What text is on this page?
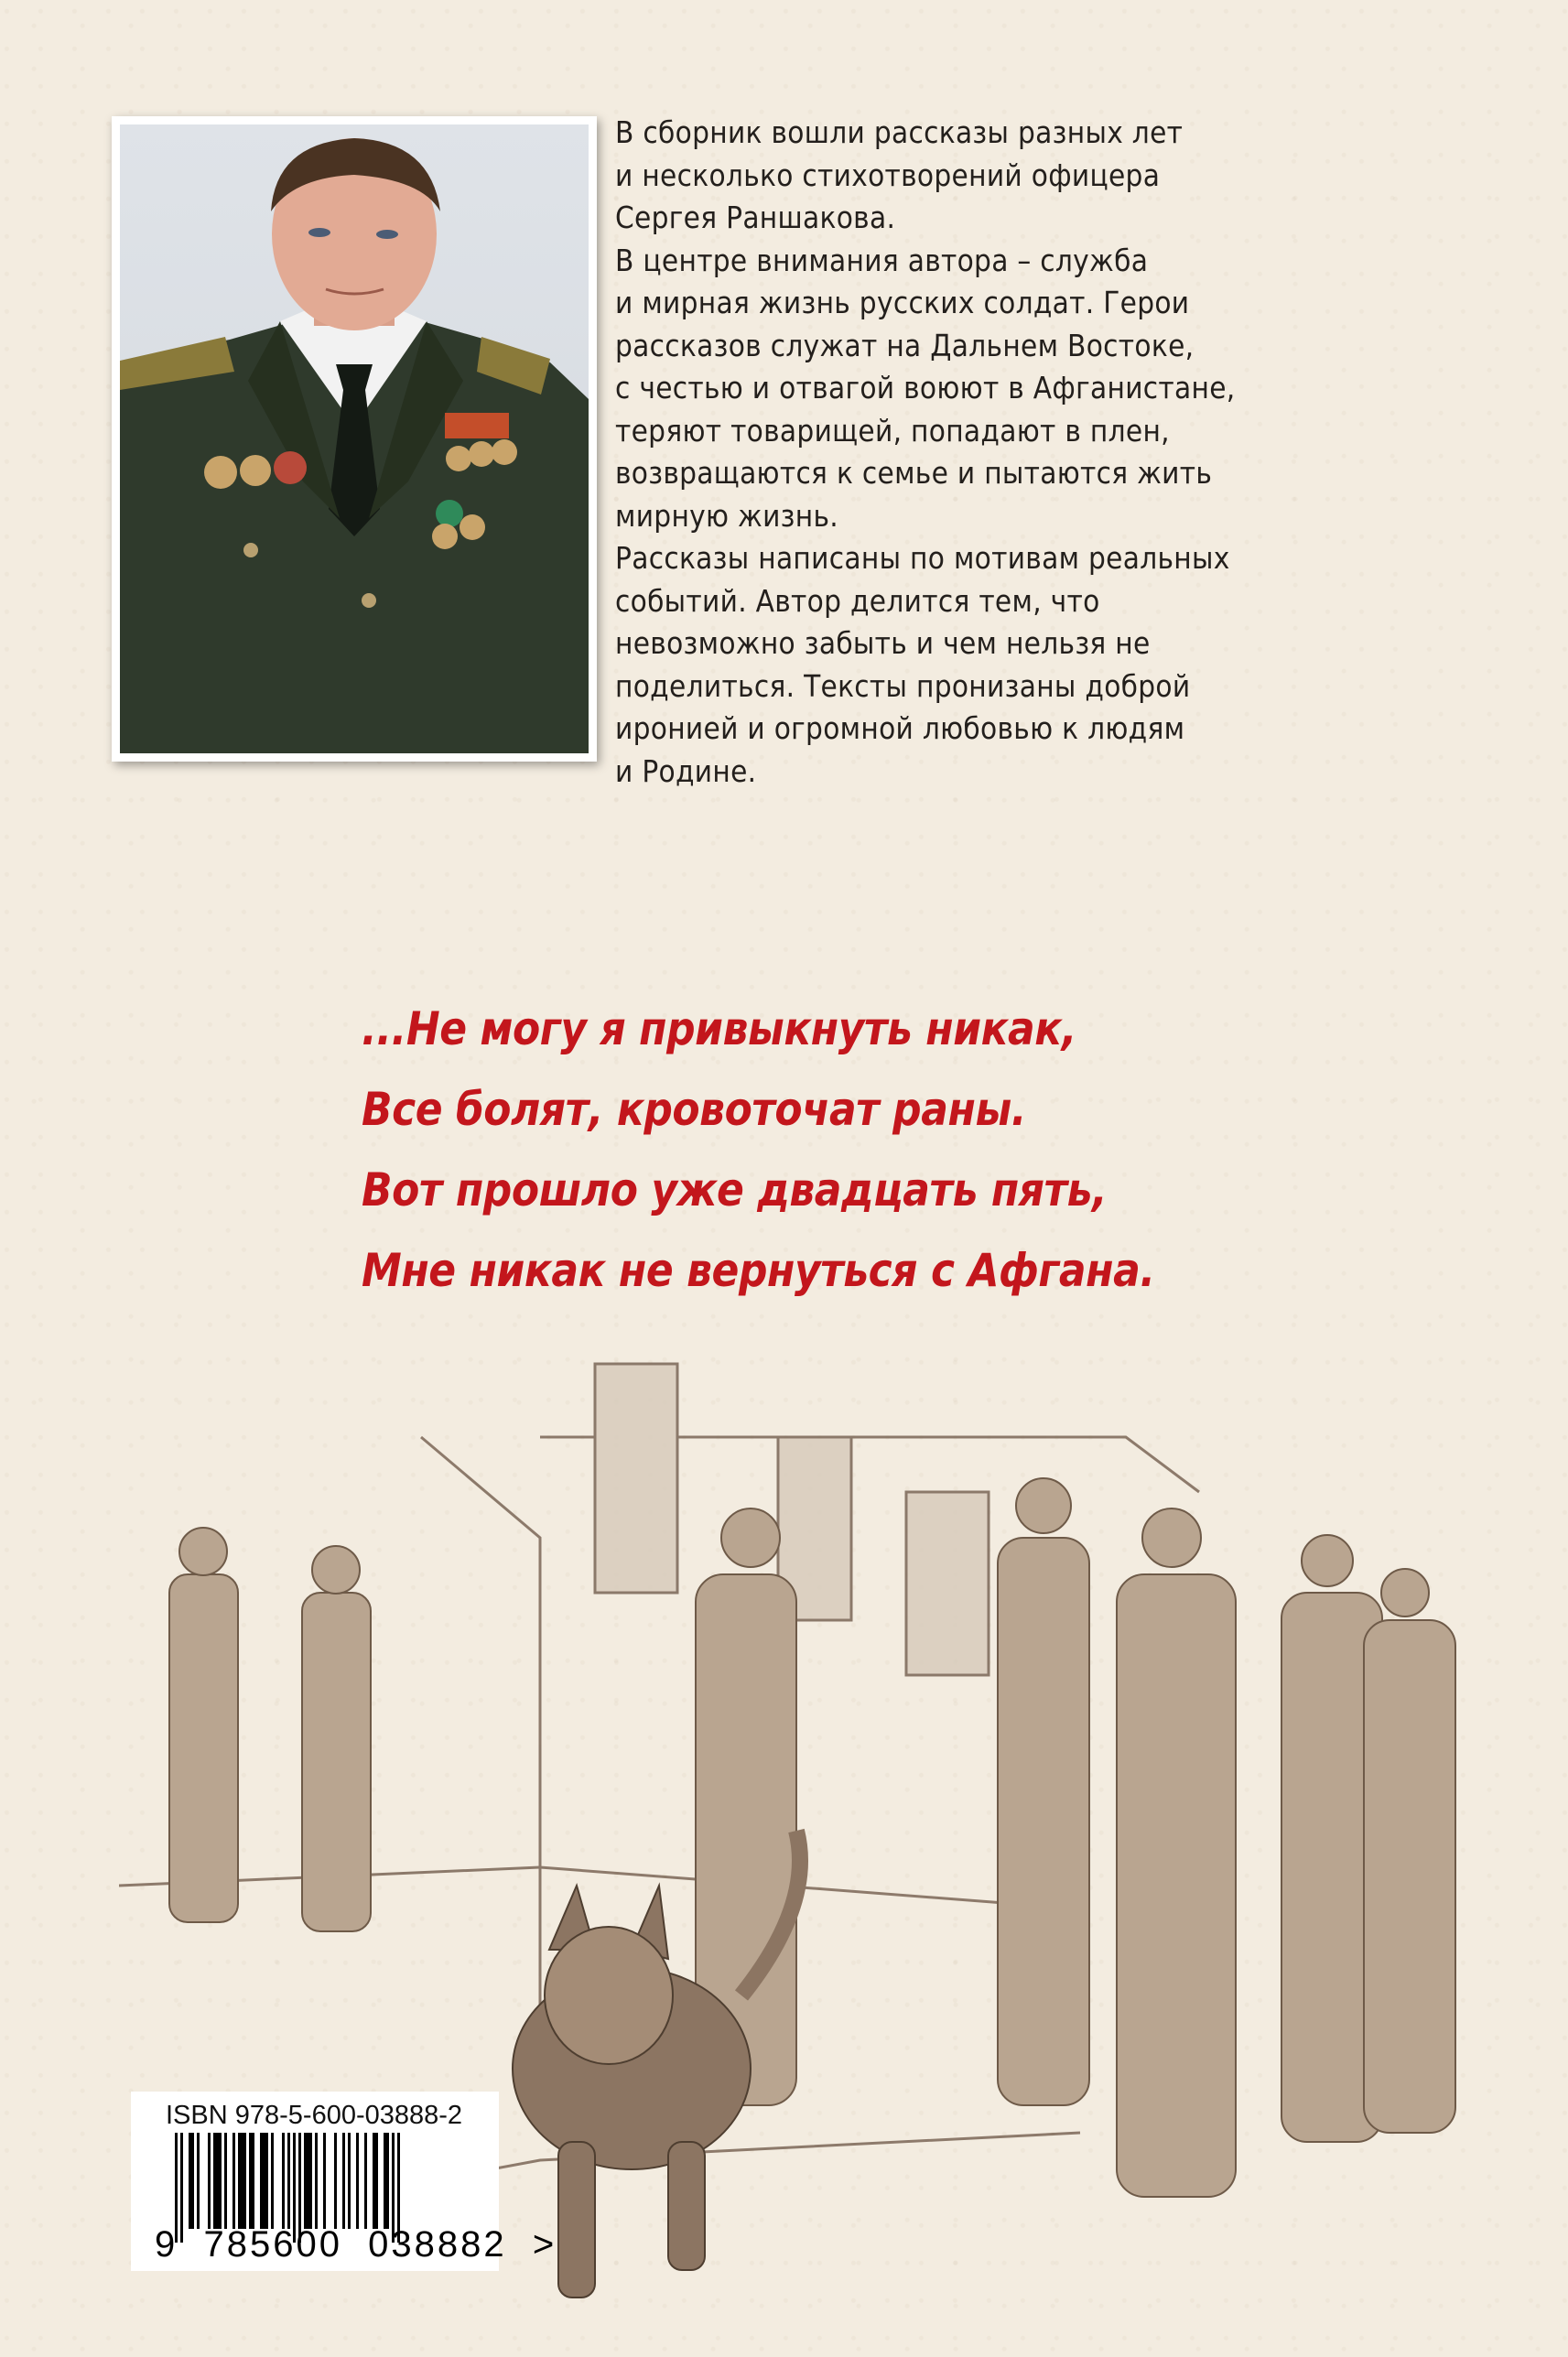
В сборник вошли рассказы разных лет
и несколько стихотворений офицера
Сергея Раншакова.
В центре внимания автора – служба
и мирная жизнь русских солдат. Герои
рассказов служат на Дальнем Востоке,
с честью и отвагой воюют в Афганистане,
теряют товарищей, попадают в плен,
возвращаются к семье и пытаются жить
мирную жизнь.
Рассказы написаны по мотивам реальных
событий. Автор делится тем, что
невозможно забыть и чем нельзя не
поделиться. Тексты пронизаны доброй
иронией и огромной любовью к людям
и Родине.
...Не могу я привыкнуть никак,
Все болят, кровоточат раны.
Вот прошло уже двадцать пять,
Мне никак не вернуться с Афгана.
ISBN 978-5-600-03888-2
9  785600  038882  >
